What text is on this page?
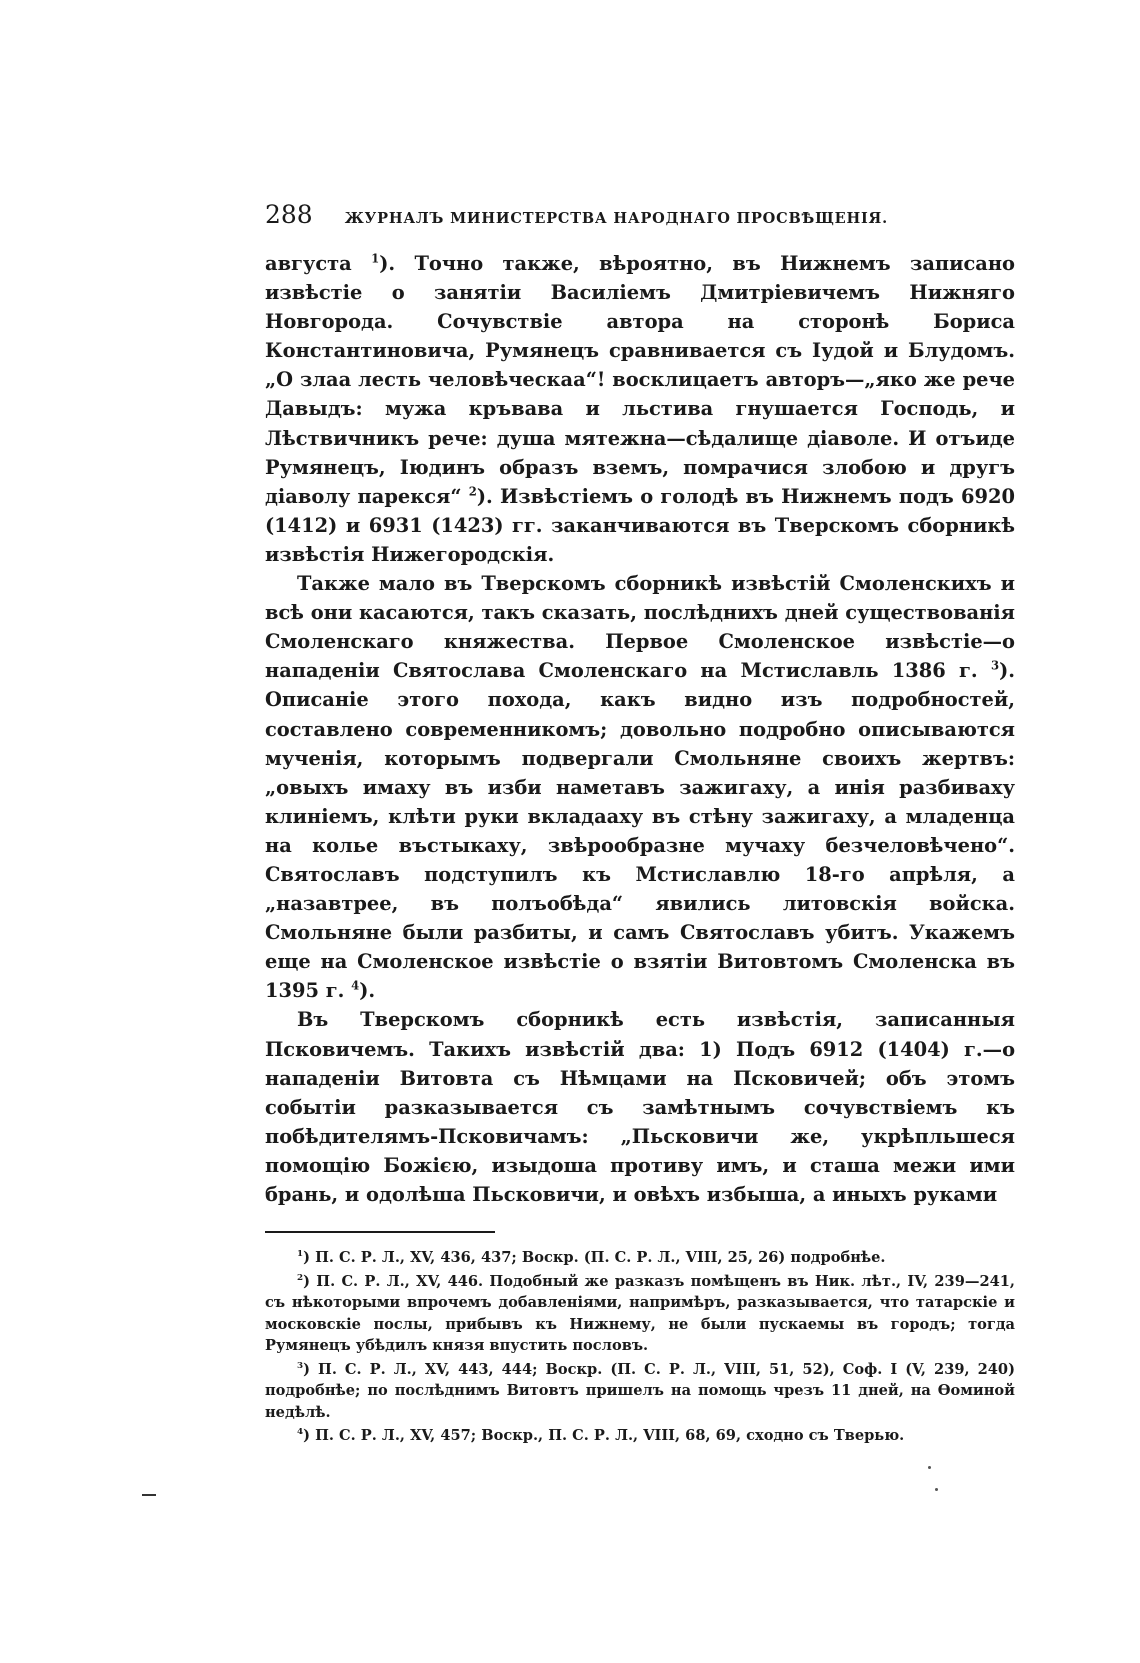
288 ЖУРНАЛЪ МИНИСТЕРСТВА НАРОДНАГО ПРОСВѢЩЕНІЯ.

августа $^1$). Точно также, вѣроятно, въ Нижнемъ записано извѣстіе о занятіи Василіемъ Дмитріевичемъ Нижняго Новгорода. Сочувствіе автора на сторонѣ Бориса Константиновича, Румянецъ сравнивается съ Іудой и Блудомъ. „О злаа лесть человѣческаа“! восклицаетъ авторъ—„яко же рече Давыдъ: мужа кръвава и льстива гнушается Господь, и Лѣствичникъ рече: душа мятежна—сѣдалище діаволе. И отъиде Румянецъ, Іюдинъ образъ вземъ, помрачися злобою и другъ діаволу парекся“ $^2$). Извѣстіемъ о голодѣ въ Нижнемъ подъ 6920 (1412) и 6931 (1423) гг. заканчиваются въ Тверскомъ сборникѣ извѣстія Нижегородскія.

Также мало въ Тверскомъ сборникѣ извѣстій Смоленскихъ и всѣ они касаются, такъ сказать, послѣднихъ дней существованія Смоленскаго княжества. Первое Смоленское извѣстіе—о нападеніи Святослава Смоленскаго на Мстиславль 1386 г. $^3$). Описаніе этого похода, какъ видно изъ подробностей, составлено современникомъ; довольно подробно описываются мученія, которымъ подвергали Смольняне своихъ жертвъ: „овыхъ имаху въ изби наметавъ зажигаху, а инія разбиваху клиніемъ, клѣти руки вкладааху въ стѣну зажигаху, а младенца на колье въстыкаху, звѣрообразне мучаху безчеловѣчено“. Святославъ подступилъ къ Мстиславлю 18-го апрѣля, а „назавтрее, въ полъобѣда“ явились литовскія войска. Смольняне были разбиты, и самъ Святославъ убитъ. Укажемъ еще на Смоленское извѣстіе о взятіи Витовтомъ Смоленска въ 1395 г. $^4$).

Въ Тверскомъ сборникѣ есть извѣстія, записанныя Псковичемъ. Такихъ извѣстій два: 1) Подъ 6912 (1404) г.—о нападеніи Витовта съ Нѣмцами на Псковичей; объ этомъ событіи разказывается съ замѣтнымъ сочувствіемъ къ побѣдителямъ-Псковичамъ: „Пьсковичи же, укрѣпльшеся помощію Божією, изыдоша противу имъ, и сташа межи ими брань, и одолѣша Пьсковичи, и овѣхъ избыша, а иныхъ руками

$^1$) П. С. Р. Л., XV, 436, 437; Воскр. (П. С. Р. Л., VIII, 25, 26) подробнѣе.

$^2$) П. С. Р. Л., XV, 446. Подобный же разказъ помѣщенъ въ Ник. лѣт., IV, 239—241, съ нѣкоторыми впрочемъ добавленіями, напримѣръ, разказывается, что татарскіе и московскіе послы, прибывъ къ Нижнему, не были пускаемы въ городъ; тогда Румянецъ убѣдилъ князя впустить пословъ.

$^3$) П. С. Р. Л., XV, 443, 444; Воскр. (П. С. Р. Л., VIII, 51, 52), Соф. I (V, 239, 240) подробнѣе; по послѣднимъ Витовтъ пришелъ на помощь чрезъ 11 дней, на Ѳоминой недѣлѣ.

$^4$) П. С. Р. Л., XV, 457; Воскр., П. С. Р. Л., VIII, 68, 69, сходно съ Тверью.
